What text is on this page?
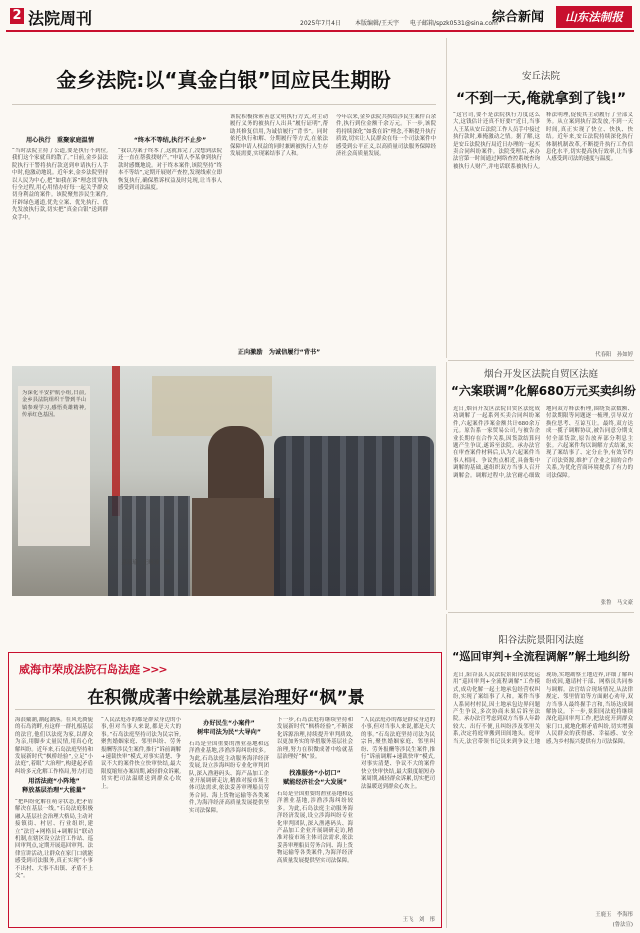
2 法院周刊	2025年7月4日 本版编辑/王天宇 电子邮箱/spzk0531@sina.com
综合新闻	山东法制报
金乡法院:以“真金白银”回应民生期盼
用心执行　重聚家庭温情
“当时法院主持了公道,要是执行不到位,我们这个家就真的散了。”日前,金乡县法院执行干警将执行款送到申请执行人手中时,他激动地说。近年来,金乡法院坚持以人民为中心,把“如我在诉”理念贯穿执行全过程,用心用情办好每一起关乎群众切身利益的案件。该院聚焦涉民生案件,开辟绿色通道,优先立案、优先执行、优先发放执行款,切实把“真金白银”送到群众手中。
“终本不等结,执行不止步”
“我以为案子终本了,这就算完了,没想到法院还一直在帮我找财产。”申请人李某拿到执行款时感慨地说。对于终本案件,该院坚持“终本不等结”,定期开展财产查控,发现线索立即恢复执行,确保胜诉权益及时兑现,让当事人感受到司法温度。
该院积极探索善意文明执行方式,对主动履行义务的被执行人出具“履行证明”,帮助其修复信用,为诚信履行“背书”。同时依托执行和解、分期履行等方式,在依法保障申请人权益的同时兼顾被执行人生存发展需要,实现案结事了人和。
正向激励　为诚信履行“背书”
今年以来,金乡法院共执结涉民生案件百余件,执行到位金额千余万元。下一步,该院将持续深化“如我在诉”理念,不断提升执行质效,切实让人民群众在每一个司法案件中感受到公平正义,以高质量司法服务保障经济社会高质量发展。
为深化平安护航小组,日前,金乡县法院组织干警到羊山镇参观学习,感悟英雄精神,传承红色基因。
嘉瑞瑜　王曦瑜　摄
安丘法院
“不到一天,俺就拿到了钱!”
“这官司,要不是法院执行力度这么大,这钱估计还真不好要!”近日,当事人王某从安丘法院工作人员手中接过执行款时,难掩激动之情。据了解,这是安丘法院执行局近日办理的一起买卖合同纠纷案件。法院受理后,承办法官第一时间通过网络查控系统查询被执行人财产,并电话联系被执行人,释法明理,促使其主动履行了全部义务。从立案到执行款发放,不到一天时间,真正实现了快立、快执、快结。近年来,安丘法院持续深化执行体制机制改革,不断提升执行工作信息化水平,切实提高执行效率,让当事人感受到司法的速度与温度。
代春阳　孙如婷
烟台开发区法院自贸区法庭
“六案联调”化解680万元买卖纠纷
近日,烟台开发区法院自贸区法庭成功调解了一起系列买卖合同纠纷案件,六起案件涉案金额共计680余万元。原告系一家贸易公司,与被告企业长期存在合作关系,因货款结算问题产生争议,遂诉至法院。承办法官在审查案件材料后,认为六起案件当事人相同、争议焦点相近,具备集中调解的基础,遂组织双方当事人召开调解会。调解过程中,法官耐心细致地向双方释法析理,围绕货款数额、付款期限等问题逐一梳理,引导双方换位思考、互谅互让。最终,双方达成一揽子调解协议,被告同意分期支付全部货款,原告放弃部分利息主张。六起案件均以调解方式结案,实现了案结事了、定分止争,有效节约了司法资源,维护了企业之间的合作关系,为优化营商环境提供了有力的司法保障。
张鲁　马文豪
阳谷法院景阳冈法庭
“巡回审判+全流程调解”解土地纠纷
近日,阳谷县人民法院景阳冈法庭运用“巡回审判+全流程调解”工作模式,成功化解一起土地承包经营权纠纷,实现了案结事了人和。案件当事人系同村村民,因土地承包边界问题产生争议,多次协商未果后诉至法院。承办法官考虑到双方当事人年龄较大、出行不便,且纠纷涉及邻里关系,决定将庭审搬到田间地头。庭审当天,法官带领书记员来到争议土地现场,实地勘察土地边界,详细了解纠纷成因,邀请村干部、网格员共同参与调解。法官结合现场情况,从法律规定、邻里情谊等方面耐心劝导,双方当事人最终握手言和,当场达成调解协议。下一步,景阳冈法庭将继续深化巡回审判工作,把法庭开到群众家门口,就地化解矛盾纠纷,切实增强人民群众的获得感、幸福感、安全感,为乡村振兴提供有力司法保障。
王鹿玉　李海彤
(鲁法宣)
威海市荣成法院石岛法庭 >>>
在积微成著中绘就基层治理好“枫”景
海浪戴潮,潮起潮落。在风光旖旎的石岛湾畔,有这样一群扎根基层的法官,他们以法庭为家,以群众为亲,用脚步丈量民情,用真心化解纠纷。近年来,石岛法庭坚持和发展新时代“枫桥经验”,立足“小法庭”,着眼“大治理”,构建起矛盾纠纷多元化解工作格局,努力打造
用活法庭“小阵地”
释放基层治理“大能量”
“把纠纷化解在萌芽状态,把矛盾解决在基层一线。”石岛法庭积极融入基层社会治理大格局,主动对接镇街、村居、行业组织,建立“法官+网格员+调解员”联动机制,在辖区设立法官工作站、巡回审判点,定期开展巡回审判、法律宣讲活动,让群众在家门口就能感受到司法服务,真正实现“小事不出村、大事不出镇、矛盾不上交”。
“人民法庭办的都是群众身边的小事,但对当事人来说,都是天大的事。”石岛法庭坚持司法为民宗旨,聚焦婚姻家庭、邻里纠纷、劳务报酬等涉民生案件,推行“诉前调解+速裁快审”模式,对事实清楚、争议不大的案件快立快审快结,最大限度缩短办案周期,减轻群众诉累,切实把司法温暖送到群众心坎上。
办好民生“小案件”
树牢司法为民“大导向”
石岛是全国重要的渔业基地和远洋渔业基地,涉渔涉海纠纷较多。为此,石岛法庭主动服务海洋经济发展,设立涉海纠纷专业化审判团队,深入渔港码头、海产品加工企业开展调研走访,精准对接市场主体司法需求,依法妥善审理船员劳务合同、海上货物运输等各类案件,为海洋经济高质量发展提供坚实司法保障。
下一步,石岛法庭将继续坚持和发展新时代“枫桥经验”,不断深化诉源治理,持续提升审判质效,以更加务实的举措服务基层社会治理,努力在积微成著中绘就基层治理好“枫”景。
找准服务“小切口”
赋能经济社会“大发展”
石岛是全国重要的渔业基地和远洋渔业基地,涉渔涉海纠纷较多。为此,石岛法庭主动服务海洋经济发展,设立涉海纠纷专业化审判团队,深入渔港码头、海产品加工企业开展调研走访,精准对接市场主体司法需求,依法妥善审理船员劳务合同、海上货物运输等各类案件,为海洋经济高质量发展提供坚实司法保障。
“人民法庭办的都是群众身边的小事,但对当事人来说,都是天大的事。”石岛法庭坚持司法为民宗旨,聚焦婚姻家庭、邻里纠纷、劳务报酬等涉民生案件,推行“诉前调解+速裁快审”模式,对事实清楚、争议不大的案件快立快审快结,最大限度缩短办案周期,减轻群众诉累,切实把司法温暖送到群众心坎上。
王飞　刘　彤
